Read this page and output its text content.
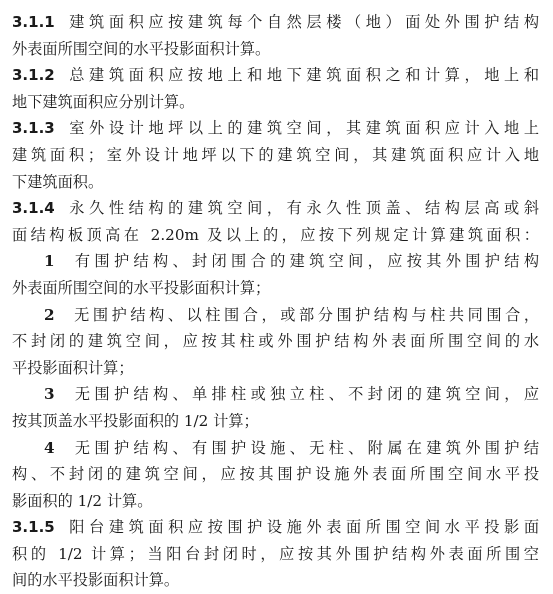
3.1.1 建筑面积应按建筑每个自然层楼（地）面处外围护结构
外表面所围空间的水平投影面积计算。
3.1.2 总建筑面积应按地上和地下建筑面积之和计算，地上和
地下建筑面积应分别计算。
3.1.3 室外设计地坪以上的建筑空间，其建筑面积应计入地上
建筑面积；室外设计地坪以下的建筑空间，其建筑面积应计入地
下建筑面积。
3.1.4 永久性结构的建筑空间，有永久性顶盖、结构层高或斜
面结构板顶高在 2.20m 及以上的，应按下列规定计算建筑面积：
1 有围护结构、封闭围合的建筑空间，应按其外围护结构
外表面所围空间的水平投影面积计算；
2 无围护结构、以柱围合，或部分围护结构与柱共同围合，
不封闭的建筑空间，应按其柱或外围护结构外表面所围空间的水
平投影面积计算；
3 无围护结构、单排柱或独立柱、不封闭的建筑空间，应
按其顶盖水平投影面积的 1/2 计算；
4 无围护结构、有围护设施、无柱、附属在建筑外围护结
构、不封闭的建筑空间，应按其围护设施外表面所围空间水平投
影面积的 1/2 计算。
3.1.5 阳台建筑面积应按围护设施外表面所围空间水平投影面
积的 1/2 计算；当阳台封闭时，应按其外围护结构外表面所围空
间的水平投影面积计算。
